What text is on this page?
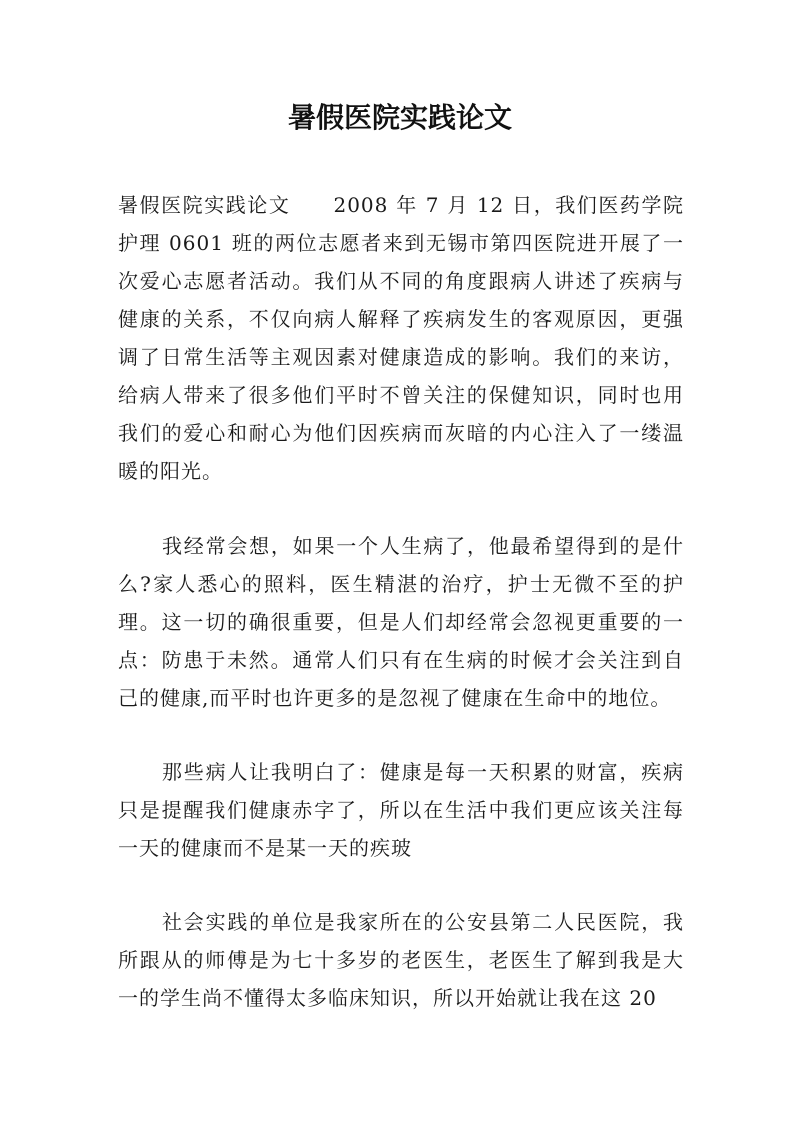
暑假医院实践论文

暑假医院实践论文　　2008 年 7 月 12 日，我们医药学院护理 0601 班的两位志愿者来到无锡市第四医院进开展了一次爱心志愿者活动。我们从不同的角度跟病人讲述了疾病与健康的关系，不仅向病人解释了疾病发生的客观原因，更强调了日常生活等主观因素对健康造成的影响。我们的来访，给病人带来了很多他们平时不曾关注的保健知识，同时也用我们的爱心和耐心为他们因疾病而灰暗的内心注入了一缕温暖的阳光。

我经常会想，如果一个人生病了，他最希望得到的是什么?家人悉心的照料，医生精湛的治疗，护士无微不至的护理。这一切的确很重要，但是人们却经常会忽视更重要的一点：防患于未然。通常人们只有在生病的时候才会关注到自己的健康,而平时也许更多的是忽视了健康在生命中的地位。

那些病人让我明白了：健康是每一天积累的财富，疾病只是提醒我们健康赤字了，所以在生活中我们更应该关注每一天的健康而不是某一天的疾玻

社会实践的单位是我家所在的公安县第二人民医院，我所跟从的师傅是为七十多岁的老医生，老医生了解到我是大一的学生尚不懂得太多临床知识，所以开始就让我在这 20
